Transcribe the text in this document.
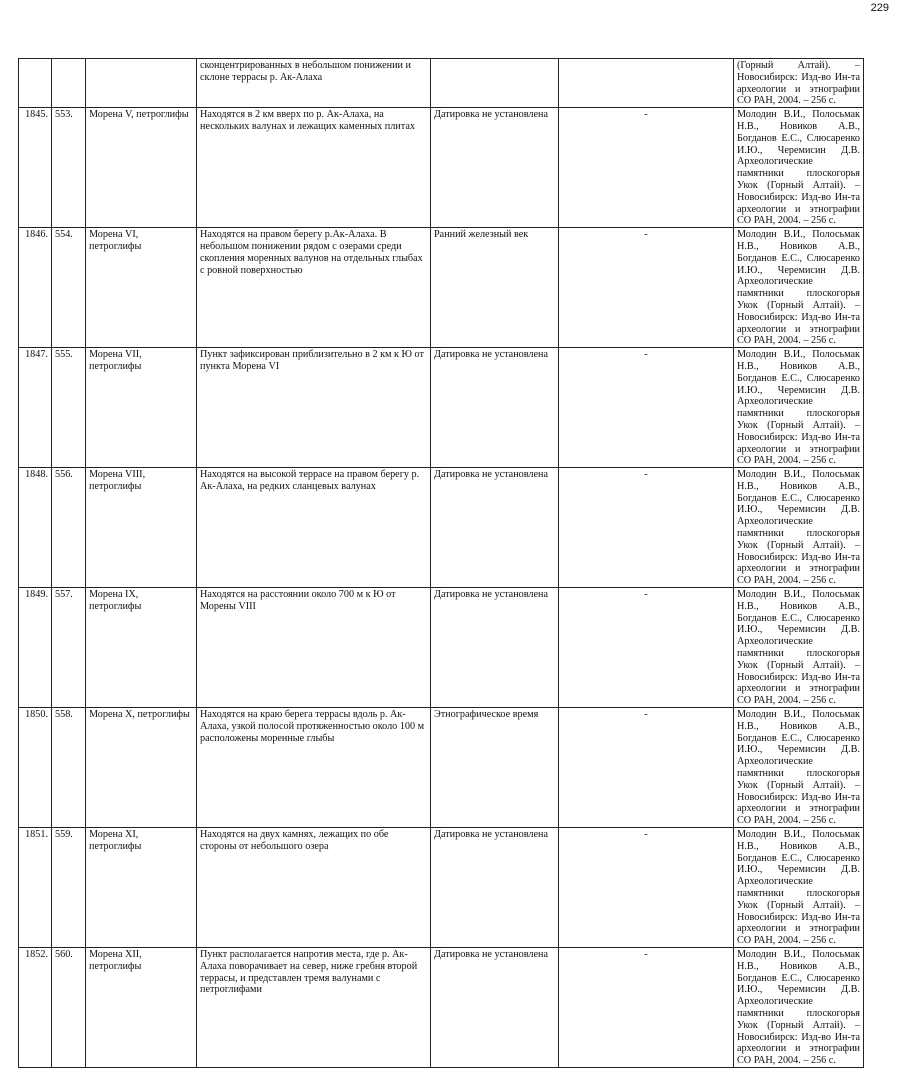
229
			сконцентрированных в небольшом понижении и склоне террасы р. Ак-Алаха			(Горный Алтай). – Новосибирск: Изд-во Ин-та археологии и этнографии СО РАН, 2004. – 256 с.
1845.	553.	Морена V, петроглифы	Находятся в 2 км вверх по р. Ак-Алаха, на нескольких валунах и лежащих каменных плитах	Датировка не установлена	-	Молодин В.И., Полосьмак Н.В., Новиков А.В., Богданов Е.С., Слюсаренко И.Ю., Черемисин Д.В. Археологические памятники плоскогорья Укок (Горный Алтай). – Новосибирск: Изд-во Ин-та археологии и этнографии СО РАН, 2004. – 256 с.
1846.	554.	Морена VI, петроглифы	Находятся на правом берегу р.Ак-Алаха. В небольшом понижении рядом с озерами среди скопления моренных валунов на отдельных глыбах с ровной поверхностью	Ранний железный век	-	Молодин В.И., Полосьмак Н.В., Новиков А.В., Богданов Е.С., Слюсаренко И.Ю., Черемисин Д.В. Археологические памятники плоскогорья Укок (Горный Алтай). – Новосибирск: Изд-во Ин-та археологии и этнографии СО РАН, 2004. – 256 с.
1847.	555.	Морена VII, петроглифы	Пункт зафиксирован приблизительно в 2 км к Ю от пункта Морена VI	Датировка не установлена	-	Молодин В.И., Полосьмак Н.В., Новиков А.В., Богданов Е.С., Слюсаренко И.Ю., Черемисин Д.В. Археологические памятники плоскогорья Укок (Горный Алтай). – Новосибирск: Изд-во Ин-та археологии и этнографии СО РАН, 2004. – 256 с.
1848.	556.	Морена VIII, петроглифы	Находятся на высокой террасе на правом берегу р. Ак-Алаха, на редких сланцевых валунах	Датировка не установлена	-	Молодин В.И., Полосьмак Н.В., Новиков А.В., Богданов Е.С., Слюсаренко И.Ю., Черемисин Д.В. Археологические памятники плоскогорья Укок (Горный Алтай). – Новосибирск: Изд-во Ин-та археологии и этнографии СО РАН, 2004. – 256 с.
1849.	557.	Морена IX, петроглифы	Находятся на расстоянии около 700 м к Ю от Морены VIII	Датировка не установлена	-	Молодин В.И., Полосьмак Н.В., Новиков А.В., Богданов Е.С., Слюсаренко И.Ю., Черемисин Д.В. Археологические памятники плоскогорья Укок (Горный Алтай). – Новосибирск: Изд-во Ин-та археологии и этнографии СО РАН, 2004. – 256 с.
1850.	558.	Морена X, петроглифы	Находятся на краю берега террасы вдоль р. Ак-Алаха, узкой полосой протяженностью около 100 м расположены моренные глыбы	Этнографическое время	-	Молодин В.И., Полосьмак Н.В., Новиков А.В., Богданов Е.С., Слюсаренко И.Ю., Черемисин Д.В. Археологические памятники плоскогорья Укок (Горный Алтай). – Новосибирск: Изд-во Ин-та археологии и этнографии СО РАН, 2004. – 256 с.
1851.	559.	Морена XI, петроглифы	Находятся на двух камнях, лежащих по обе стороны от небольшого озера	Датировка не установлена	-	Молодин В.И., Полосьмак Н.В., Новиков А.В., Богданов Е.С., Слюсаренко И.Ю., Черемисин Д.В. Археологические памятники плоскогорья Укок (Горный Алтай). – Новосибирск: Изд-во Ин-та археологии и этнографии СО РАН, 2004. – 256 с.
1852.	560.	Морена XII, петроглифы	Пункт располагается напротив места, где р. Ак-Алаха поворачивает на север, ниже гребня второй террасы, и представлен тремя валунами с петроглифами	Датировка не установлена	-	Молодин В.И., Полосьмак Н.В., Новиков А.В., Богданов Е.С., Слюсаренко И.Ю., Черемисин Д.В. Археологические памятники плоскогорья Укок (Горный Алтай). – Новосибирск: Изд-во Ин-та археологии и этнографии СО РАН, 2004. – 256 с.
